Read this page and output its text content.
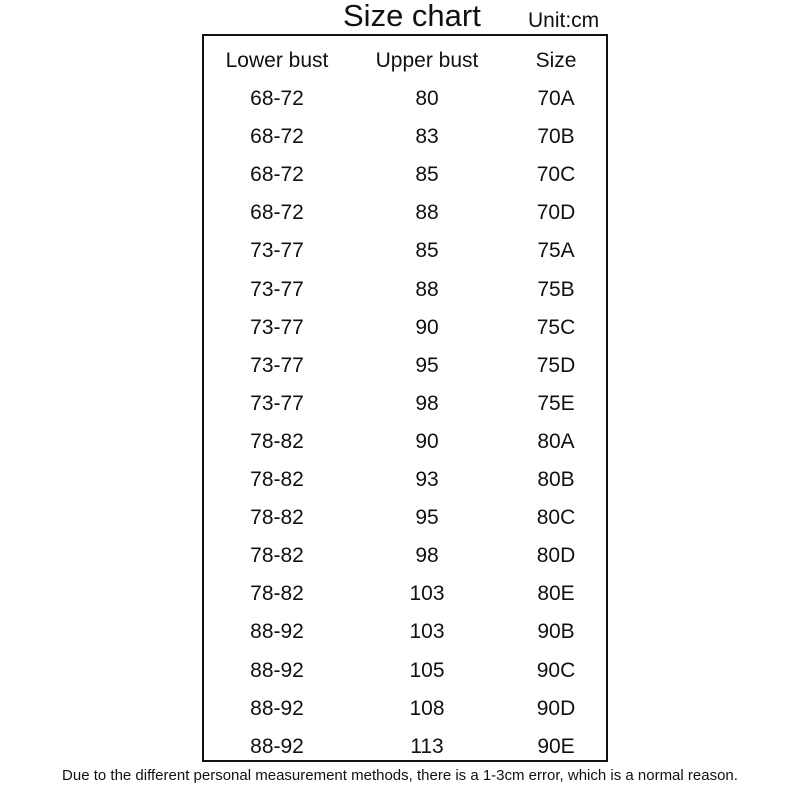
Size chart Unit:cm
Lower bust	Upper bust	Size
68-72	80	70A
68-72	83	70B
68-72	85	70C
68-72	88	70D
73-77	85	75A
73-77	88	75B
73-77	90	75C
73-77	95	75D
73-77	98	75E
78-82	90	80A
78-82	93	80B
78-82	95	80C
78-82	98	80D
78-82	103	80E
88-92	103	90B
88-92	105	90C
88-92	108	90D
88-92	113	90E
Due to the different personal measurement methods, there is a 1-3cm error, which is a normal reason.
